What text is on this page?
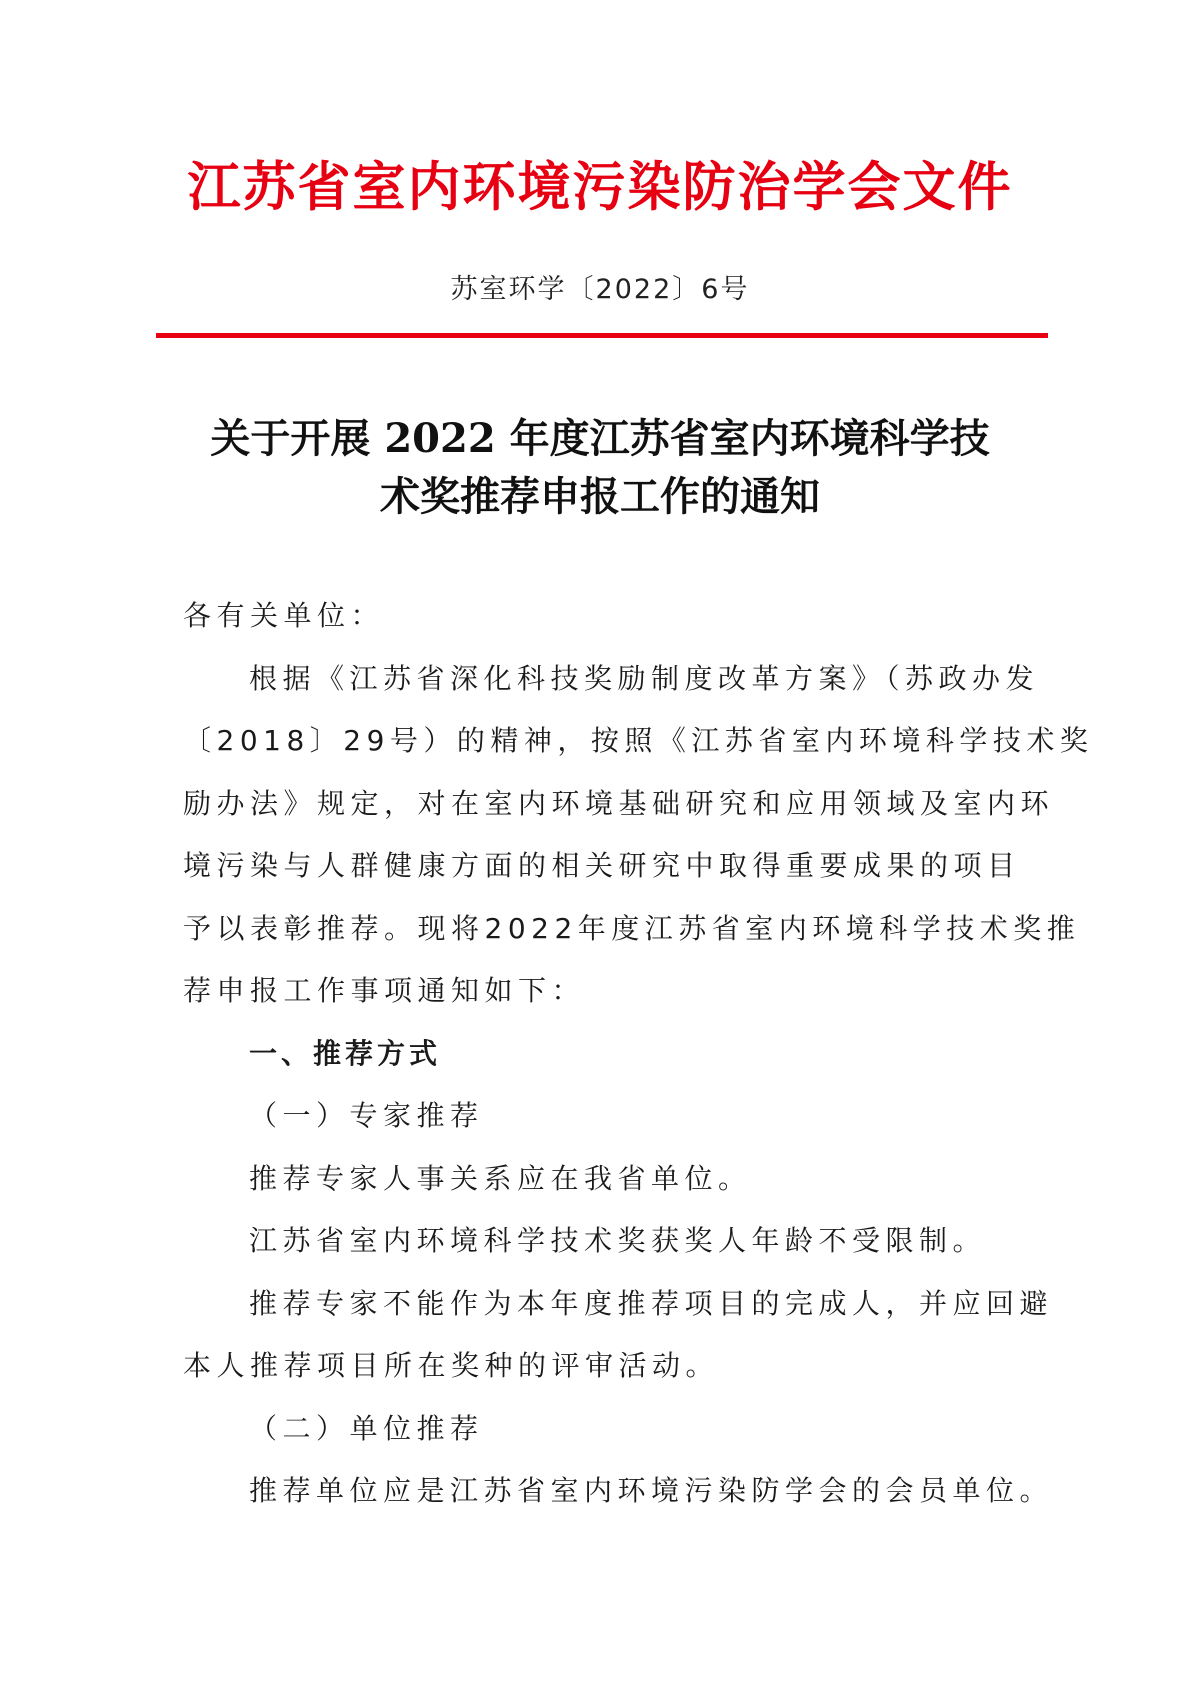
江苏省室内环境污染防治学会文件
苏室环学〔2022〕6号
关于开展 2022 年度江苏省室内环境科学技
术奖推荐申报工作的通知
各有关单位：
根据《江苏省深化科技奖励制度改革方案》（苏政办发
〔2018〕29号）的精神，按照《江苏省室内环境科学技术奖
励办法》规定，对在室内环境基础研究和应用领域及室内环
境污染与人群健康方面的相关研究中取得重要成果的项目
予以表彰推荐。现将2022年度江苏省室内环境科学技术奖推
荐申报工作事项通知如下：
一、推荐方式
（一）专家推荐
推荐专家人事关系应在我省单位。
江苏省室内环境科学技术奖获奖人年龄不受限制。
推荐专家不能作为本年度推荐项目的完成人，并应回避
本人推荐项目所在奖种的评审活动。
（二）单位推荐
推荐单位应是江苏省室内环境污染防学会的会员单位。
